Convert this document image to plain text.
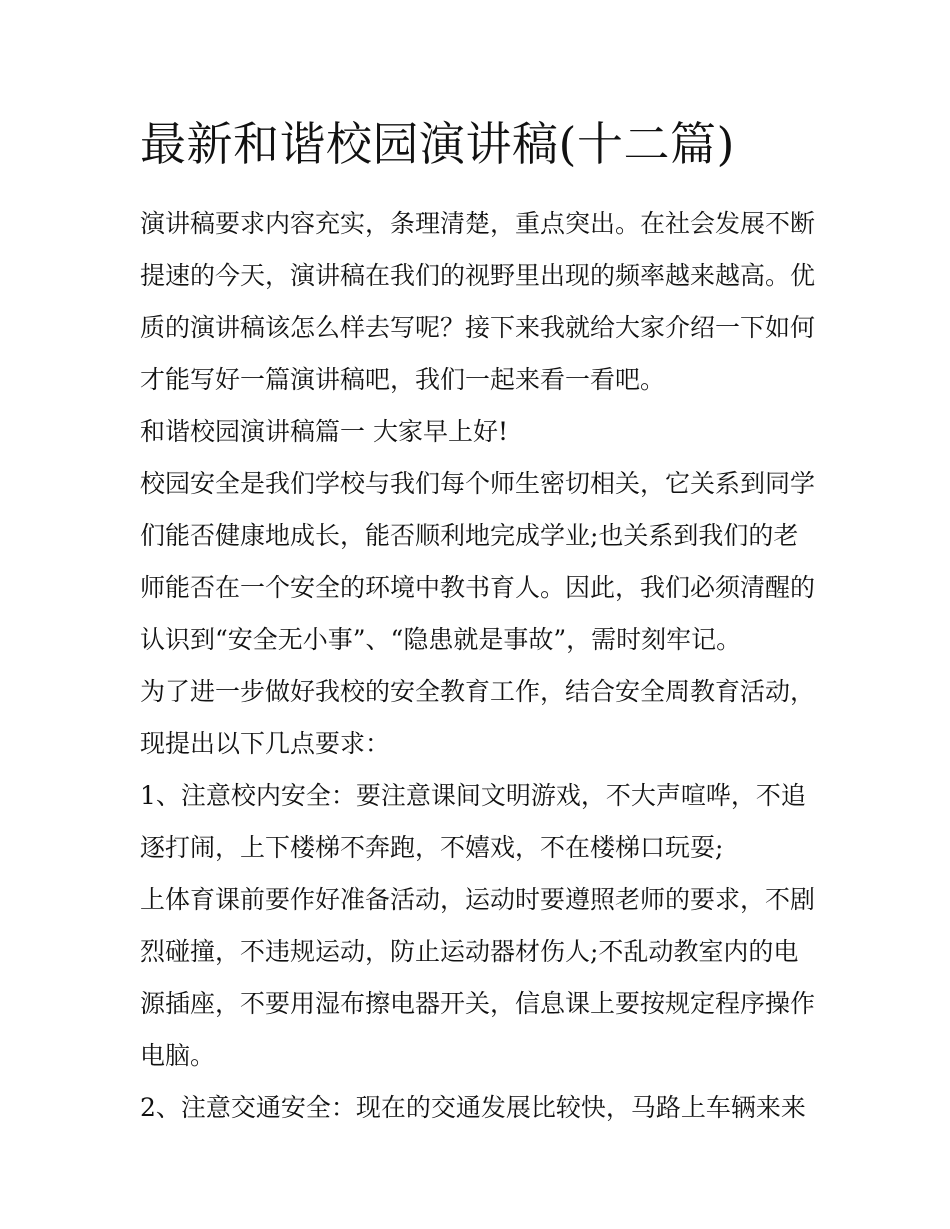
最新和谐校园演讲稿(十二篇)
演讲稿要求内容充实，条理清楚，重点突出。在社会发展不断
提速的今天，演讲稿在我们的视野里出现的频率越来越高。优
质的演讲稿该怎么样去写呢？接下来我就给大家介绍一下如何
才能写好一篇演讲稿吧，我们一起来看一看吧。
和谐校园演讲稿篇一 大家早上好!
校园安全是我们学校与我们每个师生密切相关，它关系到同学
们能否健康地成长，能否顺利地完成学业;也关系到我们的老
师能否在一个安全的环境中教书育人。因此，我们必须清醒的
认识到“安全无小事”、“隐患就是事故”，需时刻牢记。
为了进一步做好我校的安全教育工作，结合安全周教育活动，
现提出以下几点要求：
1、注意校内安全：要注意课间文明游戏，不大声喧哗，不追
逐打闹，上下楼梯不奔跑，不嬉戏，不在楼梯口玩耍;
上体育课前要作好准备活动，运动时要遵照老师的要求，不剧
烈碰撞，不违规运动，防止运动器材伤人;不乱动教室内的电
源插座，不要用湿布擦电器开关，信息课上要按规定程序操作
电脑。
2、注意交通安全：现在的交通发展比较快，马路上车辆来来
